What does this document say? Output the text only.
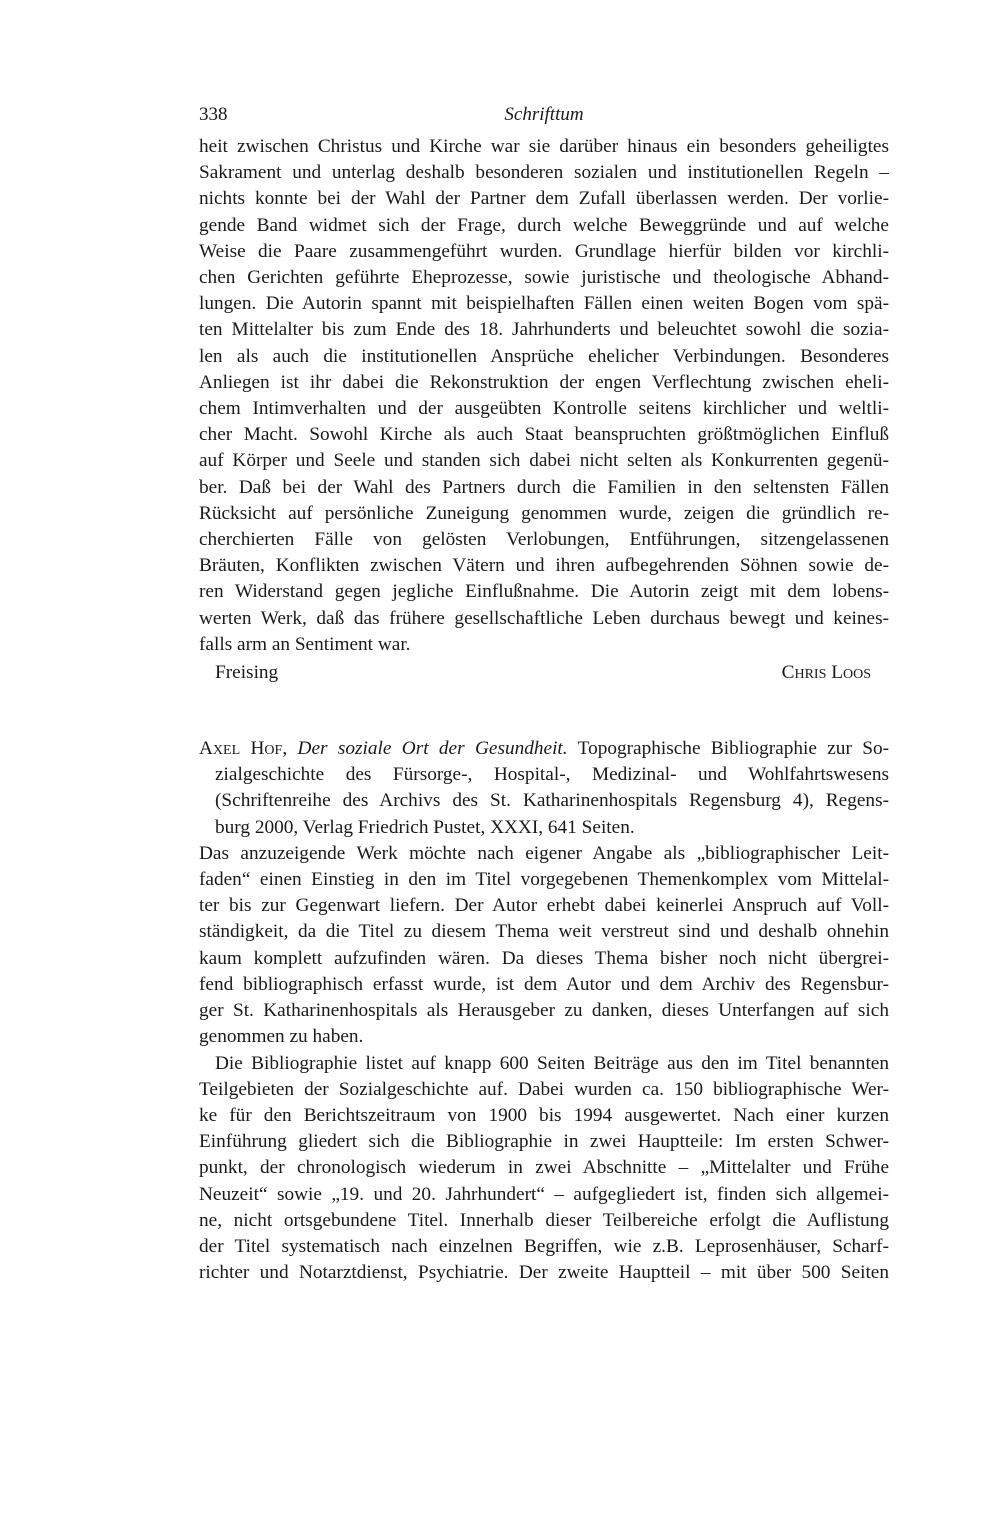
338	Schrifttum
heit zwischen Christus und Kirche war sie darüber hinaus ein besonders geheiligtes
Sakrament und unterlag deshalb besonderen sozialen und institutionellen Regeln –
nichts konnte bei der Wahl der Partner dem Zufall überlassen werden. Der vorlie-
gende Band widmet sich der Frage, durch welche Beweggründe und auf welche
Weise die Paare zusammengeführt wurden. Grundlage hierfür bilden vor kirchli-
chen Gerichten geführte Eheprozesse, sowie juristische und theologische Abhand-
lungen. Die Autorin spannt mit beispielhaften Fällen einen weiten Bogen vom spä-
ten Mittelalter bis zum Ende des 18. Jahrhunderts und beleuchtet sowohl die soziа-
len als auch die institutionellen Ansprüche ehelicher Verbindungen. Besonderes
Anliegen ist ihr dabei die Rekonstruktion der engen Verflechtung zwischen eheli-
chem Intimverhalten und der ausgeübten Kontrolle seitens kirchlicher und weltli-
cher Macht. Sowohl Kirche als auch Staat beanspruchten größtmöglichen Einfluß
auf Körper und Seele und standen sich dabei nicht selten als Konkurrenten gegenü-
ber. Daß bei der Wahl des Partners durch die Familien in den seltensten Fällen
Rücksicht auf persönliche Zuneigung genommen wurde, zeigen die gründlich re-
cherchierten Fälle von gelösten Verlobungen, Entführungen, sitzengelassenen
Bräuten, Konflikten zwischen Vätern und ihren aufbegehrenden Söhnen sowie de-
ren Widerstand gegen jegliche Einflußnahme. Die Autorin zeigt mit dem lobens-
werten Werk, daß das frühere gesellschaftliche Leben durchaus bewegt und keines-
falls arm an Sentiment war.
Freising	Chris Loos
Axel Hof, Der soziale Ort der Gesundheit. Topographische Bibliographie zur So-
zialgeschichte des Fürsorge-, Hospital-, Medizinal- und Wohlfahrtswesens
(Schriftenreihe des Archivs des St. Katharinenhospitals Regensburg 4), Regens-
burg 2000, Verlag Friedrich Pustet, XXXI, 641 Seiten.
Das anzuzeigende Werk möchte nach eigener Angabe als „bibliographischer Leit-
faden“ einen Einstieg in den im Titel vorgegebenen Themenkomplex vom Mittelal-
ter bis zur Gegenwart liefern. Der Autor erhebt dabei keinerlei Anspruch auf Voll-
ständigkeit, da die Titel zu diesem Thema weit verstreut sind und deshalb ohnehin
kaum komplett aufzufinden wären. Da dieses Thema bisher noch nicht übergrei-
fend bibliographisch erfasst wurde, ist dem Autor und dem Archiv des Regensbur-
ger St. Katharinenhospitals als Herausgeber zu danken, dieses Unterfangen auf sich
genommen zu haben.
Die Bibliographie listet auf knapp 600 Seiten Beiträge aus den im Titel benannten
Teilgebieten der Sozialgeschichte auf. Dabei wurden ca. 150 bibliographische Wer-
ke für den Berichtszeitraum von 1900 bis 1994 ausgewertet. Nach einer kurzen
Einführung gliedert sich die Bibliographie in zwei Hauptteile: Im ersten Schwer-
punkt, der chronologisch wiederum in zwei Abschnitte – „Mittelalter und Frühe
Neuzeit“ sowie „19. und 20. Jahrhundert“ – aufgegliedert ist, finden sich allgemei-
ne, nicht ortsgebundene Titel. Innerhalb dieser Teilbereiche erfolgt die Auflistung
der Titel systematisch nach einzelnen Begriffen, wie z.B. Leprosenhäuser, Scharf-
richter und Notarztdienst, Psychiatrie. Der zweite Hauptteil – mit über 500 Seiten
